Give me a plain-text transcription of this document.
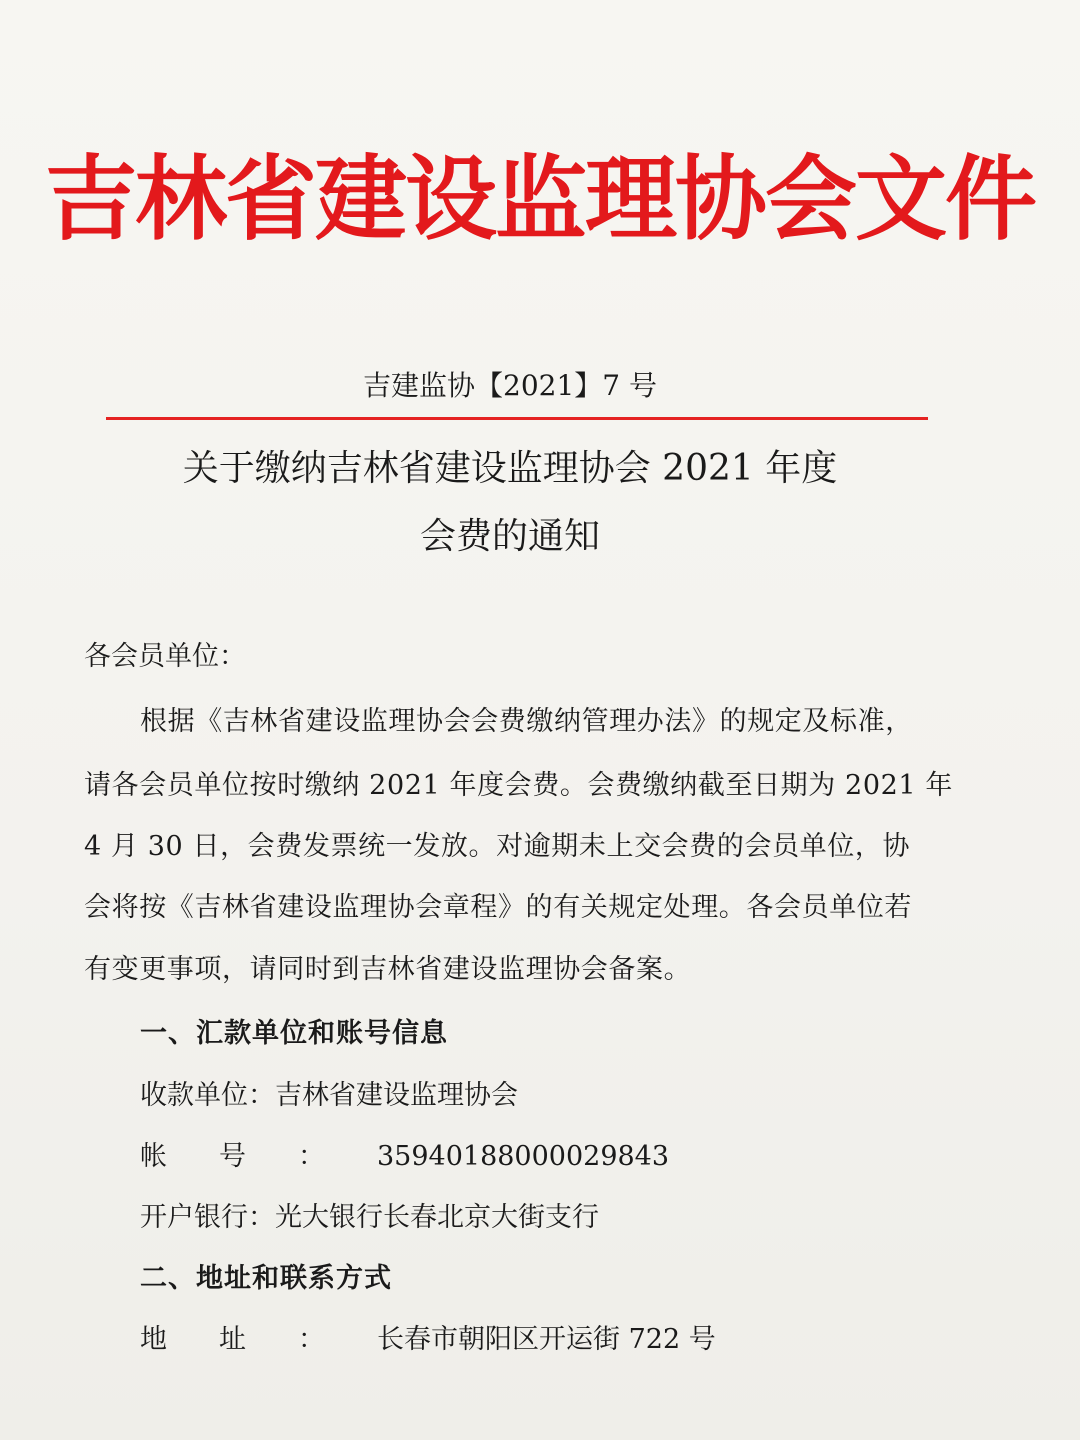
吉林省建设监理协会文件
吉建监协【2021】7 号
关于缴纳吉林省建设监理协会 2021 年度
会费的通知
各会员单位：
根据《吉林省建设监理协会会费缴纳管理办法》的规定及标准，
请各会员单位按时缴纳 2021 年度会费。会费缴纳截至日期为 2021 年
4 月 30 日，会费发票统一发放。对逾期未上交会费的会员单位，协
会将按《吉林省建设监理协会章程》的有关规定处理。各会员单位若
有变更事项，请同时到吉林省建设监理协会备案。
一、汇款单位和账号信息
收款单位：吉林省建设监理协会
帐号：35940188000029843
开户银行：光大银行长春北京大街支行
二、地址和联系方式
地址：长春市朝阳区开运街 722 号
